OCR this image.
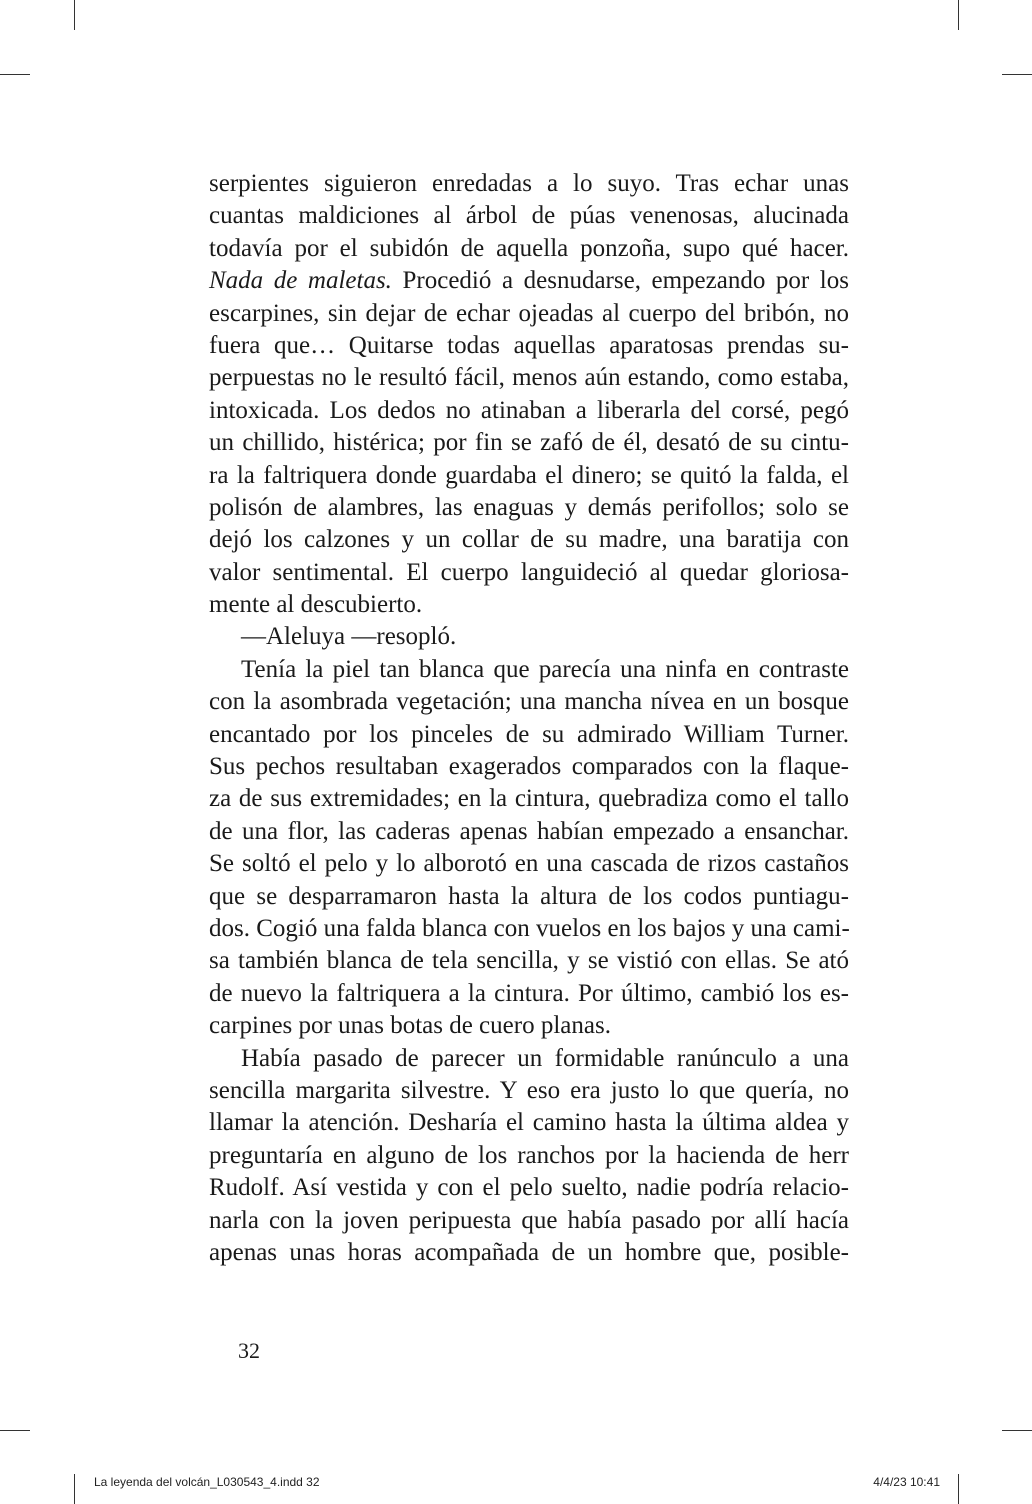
serpientes siguieron enredadas a lo suyo. Tras echar unas
cuantas maldiciones al árbol de púas venenosas, alucinada
todavía por el subidón de aquella ponzoña, supo qué hacer.
Nada de maletas. Procedió a desnudarse, empezando por los
escarpines, sin dejar de echar ojeadas al cuerpo del bribón, no
fuera que… Quitarse todas aquellas aparatosas prendas su-
perpuestas no le resultó fácil, menos aún estando, como estaba,
intoxicada. Los dedos no atinaban a liberarla del corsé, pegó
un chillido, histérica; por fin se zafó de él, desató de su cintu-
ra la faltriquera donde guardaba el dinero; se quitó la falda, el
polisón de alambres, las enaguas y demás perifollos; solo se
dejó los calzones y un collar de su madre, una baratija con
valor sentimental. El cuerpo languideció al quedar gloriosa-
mente al descubierto.
—Aleluya —resopló.
Tenía la piel tan blanca que parecía una ninfa en contraste
con la asombrada vegetación; una mancha nívea en un bosque
encantado por los pinceles de su admirado William Turner.
Sus pechos resultaban exagerados comparados con la flaque-
za de sus extremidades; en la cintura, quebradiza como el tallo
de una flor, las caderas apenas habían empezado a ensanchar.
Se soltó el pelo y lo alborotó en una cascada de rizos castaños
que se desparramaron hasta la altura de los codos puntiagu-
dos. Cogió una falda blanca con vuelos en los bajos y una cami-
sa también blanca de tela sencilla, y se vistió con ellas. Se ató
de nuevo la faltriquera a la cintura. Por último, cambió los es-
carpines por unas botas de cuero planas.
Había pasado de parecer un formidable ranúnculo a una
sencilla margarita silvestre. Y eso era justo lo que quería, no
llamar la atención. Desharía el camino hasta la última aldea y
preguntaría en alguno de los ranchos por la hacienda de herr
Rudolf. Así vestida y con el pelo suelto, nadie podría relacio-
narla con la joven peripuesta que había pasado por allí hacía
apenas unas horas acompañada de un hombre que, posible-
32
La leyenda del volcán_L030543_4.indd 32	4/4/23 10:41
